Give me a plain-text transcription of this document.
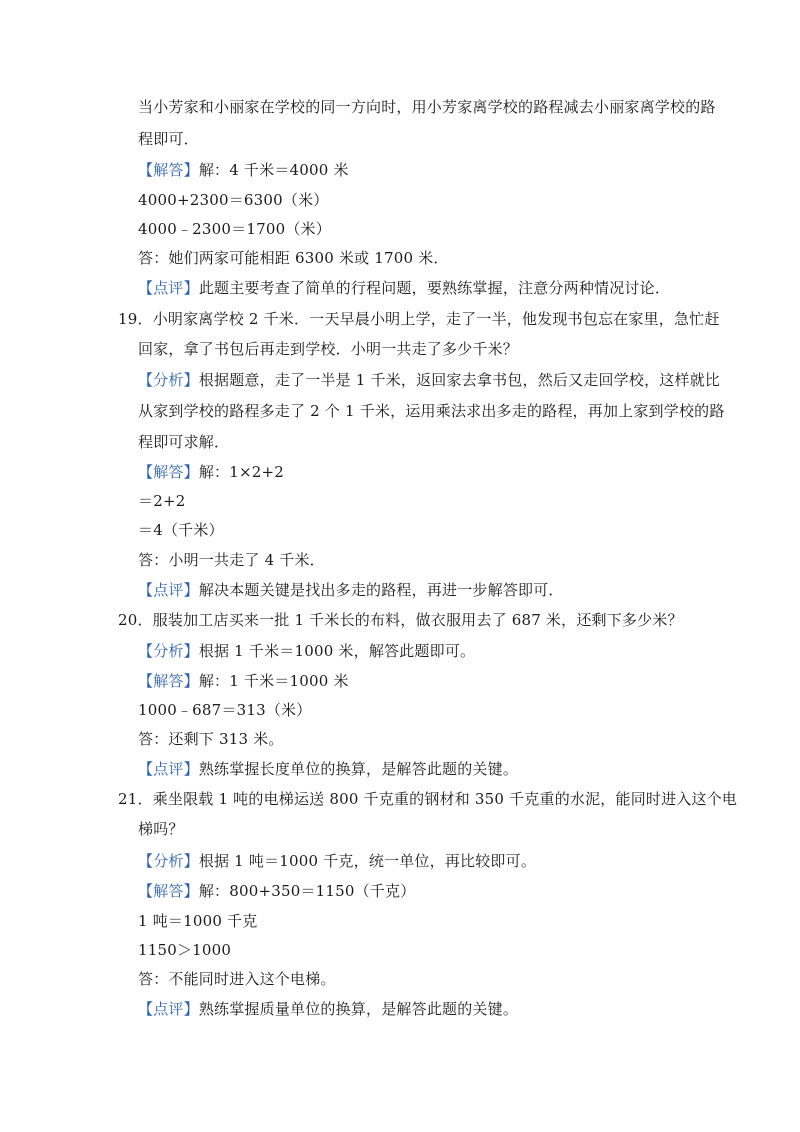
当小芳家和小丽家在学校的同一方向时，用小芳家离学校的路程减去小丽家离学校的路
程即可．
【解答】解：4 千米＝4000 米
4000+2300＝6300（米）
4000﹣2300＝1700（米）
答：她们两家可能相距 6300 米或 1700 米．
【点评】此题主要考查了简单的行程问题，要熟练掌握，注意分两种情况讨论．
19．小明家离学校 2 千米．一天早晨小明上学，走了一半，他发现书包忘在家里，急忙赶
回家，拿了书包后再走到学校．小明一共走了多少千米？
【分析】根据题意，走了一半是 1 千米，返回家去拿书包，然后又走回学校，这样就比
从家到学校的路程多走了 2 个 1 千米，运用乘法求出多走的路程，再加上家到学校的路
程即可求解．
【解答】解：1×2+2
＝2+2
＝4（千米）
答：小明一共走了 4 千米．
【点评】解决本题关键是找出多走的路程，再进一步解答即可．
20．服装加工店买来一批 1 千米长的布料，做衣服用去了 687 米，还剩下多少米？
【分析】根据 1 千米＝1000 米，解答此题即可。
【解答】解：1 千米＝1000 米
1000﹣687＝313（米）
答：还剩下 313 米。
【点评】熟练掌握长度单位的换算，是解答此题的关键。
21．乘坐限载 1 吨的电梯运送 800 千克重的钢材和 350 千克重的水泥，能同时进入这个电
梯吗？
【分析】根据 1 吨＝1000 千克，统一单位，再比较即可。
【解答】解：800+350＝1150（千克）
1 吨＝1000 千克
1150＞1000
答：不能同时进入这个电梯。
【点评】熟练掌握质量单位的换算，是解答此题的关键。
